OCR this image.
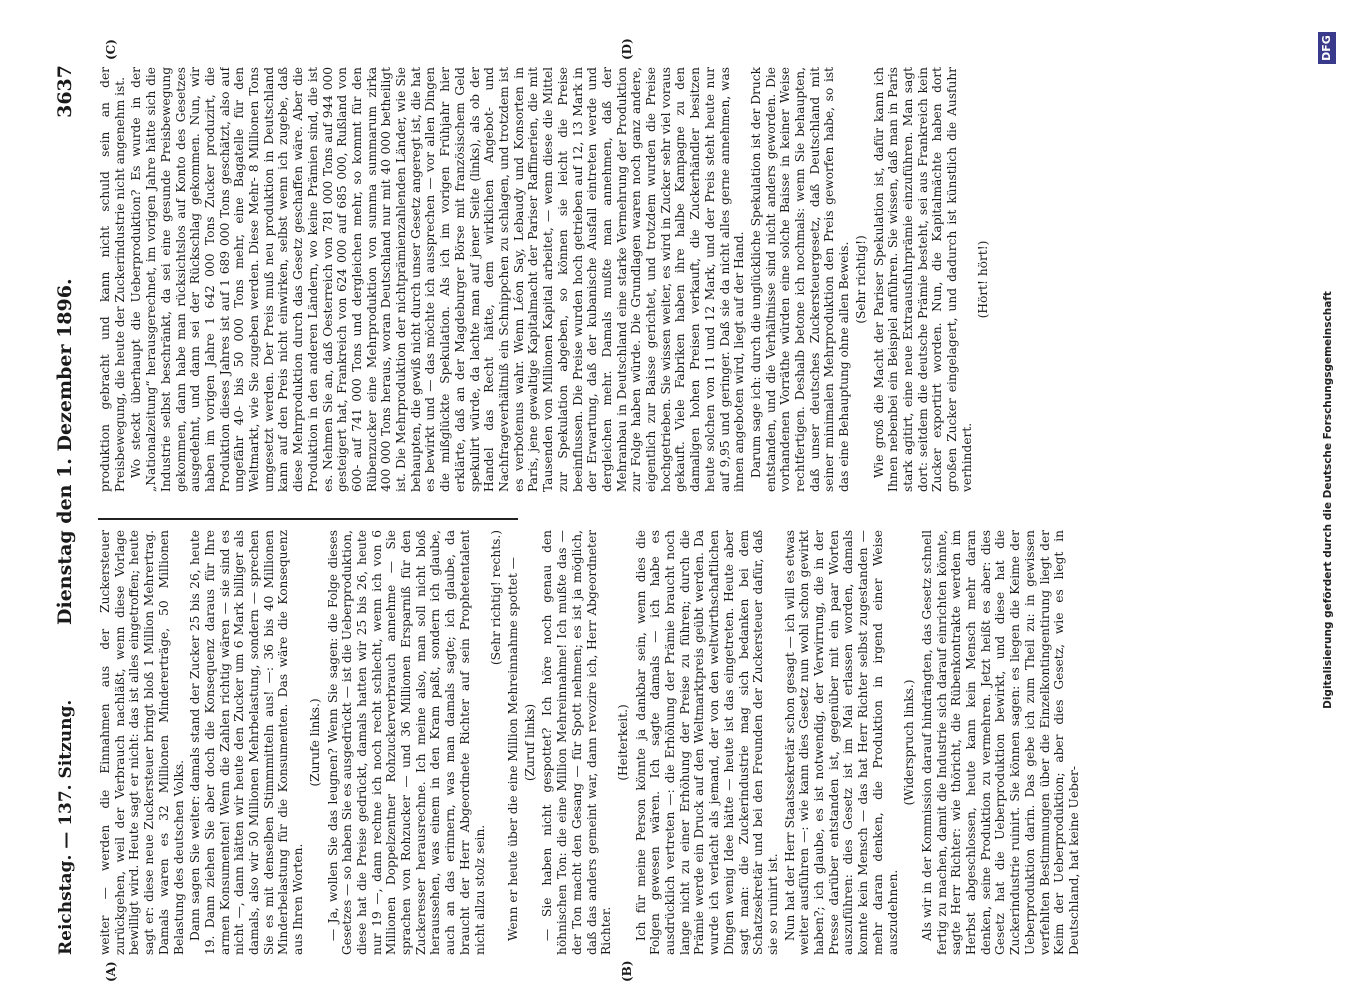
Reichstag. — 137. Sitzung.
Dienstag den 1. Dezember 1896.
3637
(A)	(B)
(C)	(D)

weiter — werden die Einnahmen aus der Zuckersteuer zurückgehen, weil der Verbrauch nachläßt, wenn diese Vorlage bewilligt wird. Heute sagt er nicht: das ist alles eingetroffen; heute sagt er: diese neue Zuckersteuer bringt bloß 1 Million Mehrertrag. Damals waren es 32 Millionen Mindererträge, 50 Millionen Belastung des deutschen Volks. Dann sagen Sie weiter: damals stand der Zucker 25 bis 26, heute 19. Dann ziehen Sie aber doch die Konsequenz daraus für Ihre armen Konsumenten! Wenn die Zahlen richtig wären — sie sind es nicht —, dann hätten wir heute den Zucker um 6 Mark billiger als damals, also wir 50 Millionen Mehrbelastung, sondern — sprechen Sie es mit denselben Stimmmitteln aus! —: 36 bis 40 Millionen Minderbelastung für die Konsumenten. Das wäre die Konsequenz aus Ihren Worten.

(Zurufe links.) — Ja, wollen Sie das leugnen? Wenn Sie sagen: die Folge dieses Gesetzes — so haben Sie es ausgedrückt — ist die Ueberproduktion, diese hat die Preise gedrückt, damals hatten wir 25 bis 26, heute nur 19 —, dann rechne ich noch recht schlecht, wenn ich von 6 Millionen Doppelzentner Rohzuckerverbrauch annehme — Sie sprachen von Rohzucker — und 36 Millionen Ersparniß für den Zuckeresser herausrechne. Ich meine also, man soll nicht bloß heraussehen, was einem in den Kram paßt, sondern ich glaube, auch an das erinnern, was man damals sagte; ich glaube, da braucht der Herr Abgeordnete Richter auf sein Prophetentalent nicht allzu stolz sein.

(Sehr richtig! rechts.) Wenn er heute über die eine Million Mehreinnahme spottet — (Zuruf links) — Sie haben nicht gespottet? Ich höre noch genau den höhnischen Ton: die eine Million Mehreinnahme! Ich mußte das — der Ton macht den Gesang — für Spott nehmen; es ist ja möglich, daß das anders gemeint war, dann revozire ich, Herr Abgeordneter Richter.

(Heiterkeit.) Ich für meine Person könnte ja dankbar sein, wenn dies die Folgen gewesen wären. Ich sagte damals — ich habe es ausdrücklich vertreten —: die Erhöhung der Prämie braucht noch lange nicht zu einer Erhöhung der Preise zu führen; durch die Prämie werde ein Druck auf den Weltmarktpreis geübt werden. Da wurde ich verlacht als jemand, der von den weltwirthschaftlichen Dingen wenig Idee hätte — heute ist das eingetreten. Heute aber sagt man: die Zuckerindustrie mag sich bedanken bei dem Schatzsekretär und bei den Freunden der Zuckersteuer dafür, daß sie so ruinirt ist. Nun hat der Herr Staatssekretär schon gesagt — ich will es etwas weiter ausführen —: wie kann dies Gesetz nun wohl schon gewirkt haben?; ich glaube, es ist notwendig, der Verwirrung, die in der Presse darüber entstanden ist, gegenüber mit ein paar Worten auszuführen: dies Gesetz ist im Mai erlassen worden, damals konnte kein Mensch — das hat Herr Richter selbst zugestanden — mehr daran denken, die Produktion in irgend einer Weise auszudehnen.

(Widerspruch links.) Als wir in der Kommission darauf hindrängten, das Gesetz schnell fertig zu machen, damit die Industrie sich darauf einrichten könnte, sagte Herr Richter: wie thöricht, die Rübenkontrakte werden im Herbst abgeschlossen, heute kann kein Mensch mehr daran denken, seine Produktion zu vermehren. Jetzt heißt es aber: dies Gesetz hat die Ueberproduktion bewirkt, und diese hat die Zuckerindustrie ruinirt. Sie können sagen: es liegen die Keime der Ueberproduktion darin. Das gebe ich zum Theil zu: in gewissen verfehlten Bestimmungen über die Einzelkontingentirung liegt der Keim der Ueberproduktion; aber dies Gesetz, wie es liegt in Deutschland, hat keine Ueber-

produktion gebracht und kann nicht schuld sein an der Preisbewegung, die heute der Zuckerindustrie nicht angenehm ist. Wo steckt überhaupt die Ueberproduktion? Es wurde in der „Nationalzeitung“ herausgerechnet, im vorigen Jahre hätte sich die Industrie selbst beschränkt, da sei eine gesunde Preisbewegung gekommen, dann habe man rücksichtslos auf Konto des Gesetzes ausgedehnt, und dann sei der Rückschlag gekommen. Nun, wir haben im vorigen Jahre 1 642 000 Tons Zucker produzirt, die Produktion dieses Jahres ist auf 1 689 000 Tons geschätzt, also auf ungefähr 40- bis 50 000 Tons mehr, eine Bagatelle für den Weltmarkt, wie Sie zugeben werden. Diese Mehr- 8 Millionen Tons umgesetzt werden. Der Preis muß neu produktion in Deutschland kann auf den Preis nicht einwirken, selbst wenn ich zugebe, daß diese Mehrproduktion durch das Gesetz geschaffen wäre. Aber die Produktion in den anderen Ländern, wo keine Prämien sind, die ist es. Nehmen Sie an, daß Oesterreich von 781 000 Tons auf 944 000 gesteigert hat, Frankreich von 624 000 auf 685 000, Rußland von 600- auf 741 000 Tons und dergleichen mehr, so kommt für den Rübenzucker eine Mehrproduktion von summa summarum zirka 400 000 Tons heraus, woran Deutschland nur mit 40 000 betheiligt ist. Die Mehrproduktion der nichtprämienzahlenden Länder, wie Sie behaupten, die gewiß nicht durch unser Gesetz angeregt ist, die hat es bewirkt und — das möchte ich aussprechen — vor allen Dingen die mißglückte Spekulation. Als ich im vorigen Frühjahr hier erklärte, daß an der Magdeburger Börse mit französischem Geld spekulirt würde, da lachte man auf jener Seite (links), als ob der Handel das Recht hätte, dem wirklichen Angebot- und Nachfrageverhältniß ein Schnippchen zu schlagen, und trotzdem ist es verbotenus wahr. Wenn Léon Say, Lebaudy und Konsorten in Paris, jene gewaltige Kapitalmacht der Pariser Raffinerien, die mit Tausenden von Millionen Kapital arbeitet, — wenn diese die Mittel zur Spekulation abgeben, so können sie leicht die Preise beeinflussen. Die Preise wurden hoch getrieben auf 12, 13 Mark in der Erwartung, daß der kubanische Ausfall eintreten werde und dergleichen mehr. Damals mußte man annehmen, daß der Mehranbau in Deutschland eine starke Vermehrung der Produktion zur Folge haben würde. Die Grundlagen waren noch ganz andere, eigentlich zur Baisse gerichtet, und trotzdem wurden die Preise hochgetrieben. Sie wissen weiter, es wird in Zucker sehr viel voraus gekauft. Viele Fabriken haben ihre halbe Kampagne zu den damaligen hohen Preisen verkauft, die Zuckerhändler besitzen heute solchen von 11 und 12 Mark, und der Preis steht heute nur auf 9,95 und geringer. Daß sie da nicht alles gerne annehmen, was ihnen angeboten wird, liegt auf der Hand. Darum sage ich: durch die unglückliche Spekulation ist der Druck entstanden, und die Verhältnisse sind nicht anders geworden. Die vorhandenen Vorräthe würden eine solche Baisse in keiner Weise rechtfertigen. Deshalb betone ich nochmals: wenn Sie behaupten, daß unser deutsches Zuckersteuergesetz, daß Deutschland mit seiner minimalen Mehrproduktion den Preis geworfen habe, so ist das eine Behauptung ohne allen Beweis. (Sehr richtig!) Wie groß die Macht der Pariser Spekulation ist, dafür kann ich Ihnen nebenbei ein Beispiel anführen. Sie wissen, daß man in Paris stark agitirt, eine neue Extraausfuhrprämie einzuführen. Man sagt dort: seitdem die deutsche Prämie besteht, sei aus Frankreich kein Zucker exportirt worden. Nun, die Kapitalmächte haben dort großen Zucker eingelagert, und dadurch ist künstlich die Ausfuhr verhindert.

(Hört! hört!)

Digitalisierung gefördert durch die Deutsche Forschungsgemeinschaft
DFG
